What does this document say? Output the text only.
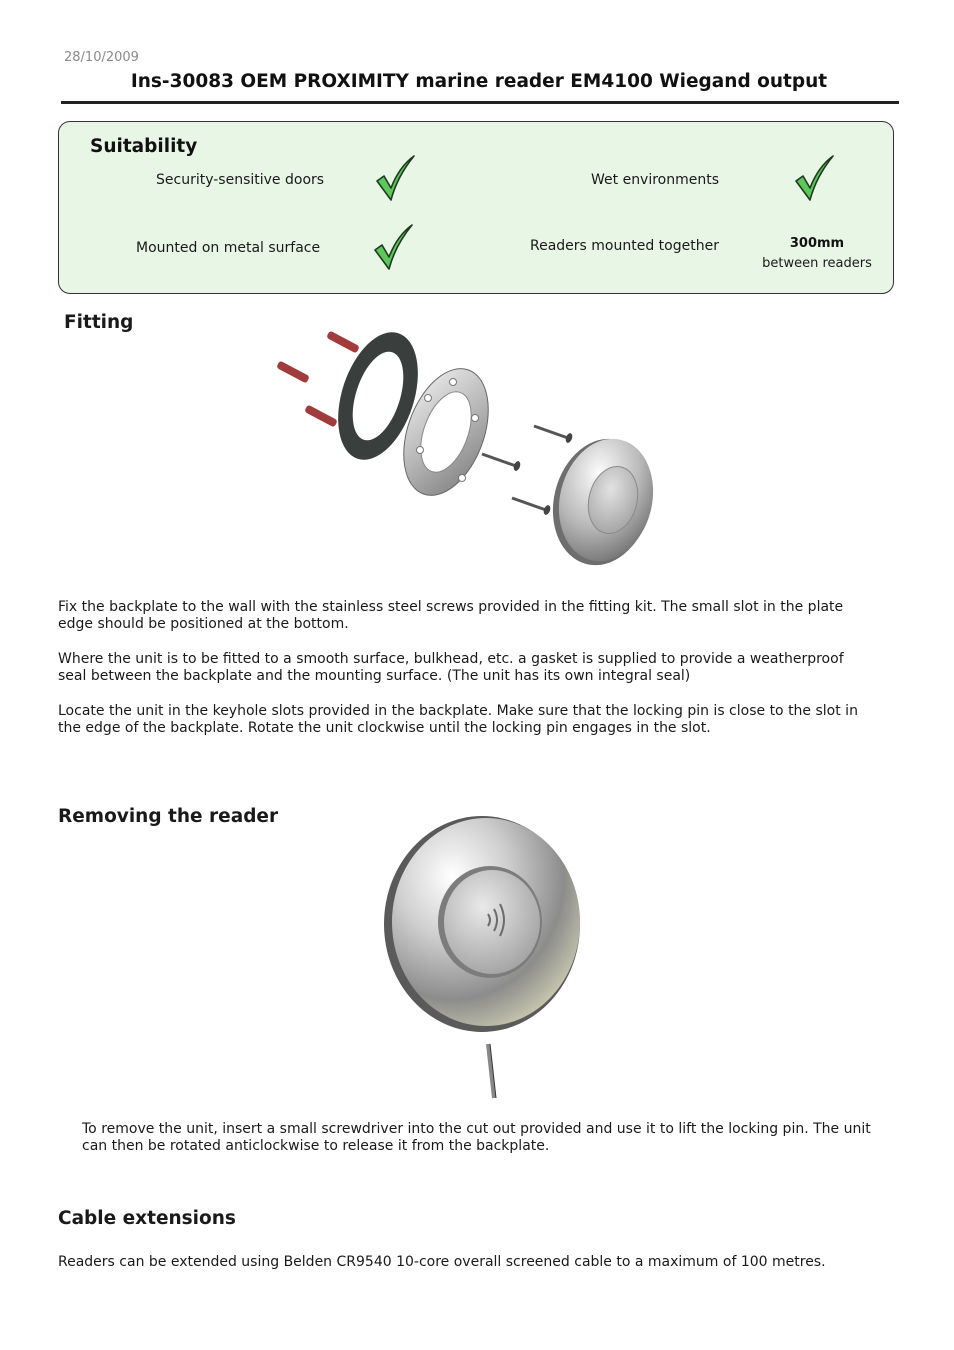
28/10/2009
Ins-30083 OEM PROXIMITY marine reader EM4100 Wiegand output
Suitability
Security-sensitive doors	Wet environments
Mounted on metal surface	Readers mounted together	300mm
between readers
Fitting
Fix the backplate to the wall with the stainless steel screws provided in the fitting kit. The small slot in the plate edge should be positioned at the bottom.
Where the unit is to be fitted to a smooth surface, bulkhead, etc. a gasket is supplied to provide a weatherproof seal between the backplate and the mounting surface. (The unit has its own integral seal)
Locate the unit in the keyhole slots provided in the backplate. Make sure that the locking pin is close to the slot in the edge of the backplate. Rotate the unit clockwise until the locking pin engages in the slot.
Removing the reader
To remove the unit, insert a small screwdriver into the cut out provided and use it to lift the locking pin. The unit can then be rotated anticlockwise to release it from the backplate.
Cable extensions
Readers can be extended using Belden CR9540 10-core overall screened cable to a maximum of 100 metres.
